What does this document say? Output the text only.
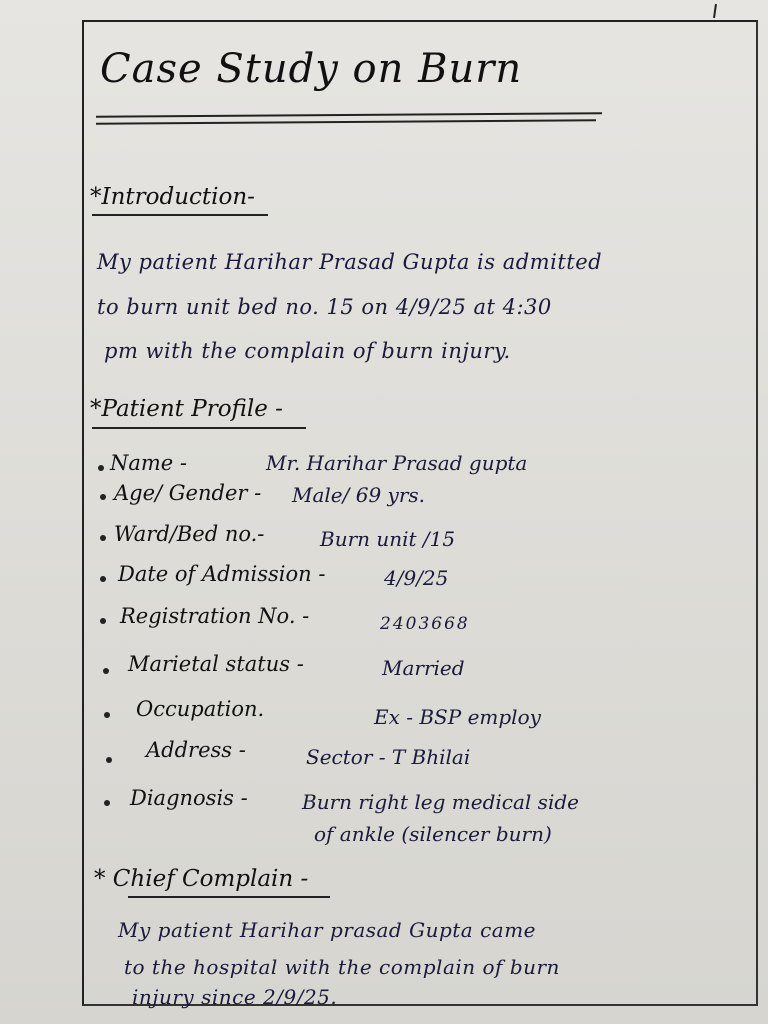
Case Study on Burn
*Introduction-
My patient Harihar Prasad Gupta is admitted
to burn unit bed no. 15 on 4/9/25 at 4:30
pm with the complain of burn injury.
*Patient Profile -
Name -	Mr. Harihar Prasad gupta
Age/ Gender - Male/ 69 yrs.
Ward/Bed no.-	Burn unit /15
Date of Admission -	4/9/25
Registration No. -	2403668
Marietal status -	Married
Occupation.	Ex - BSP employ
Address -	Sector - T Bhilai
Diagnosis -	Burn right leg medical side
of ankle (silencer burn)
* Chief Complain -
My patient Harihar prasad Gupta came
to the hospital with the complain of burn
injury since 2/9/25.
